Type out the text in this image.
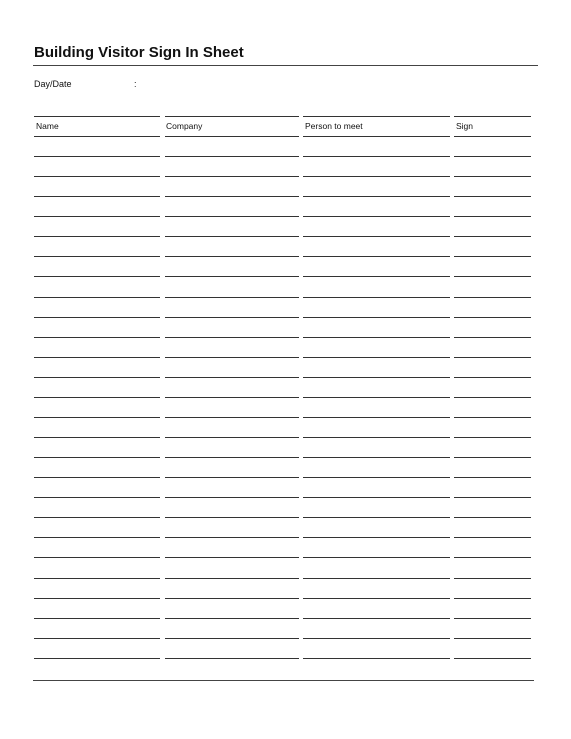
Building Visitor Sign In Sheet
Day/Date	:
Name	Company	Person to meet	Sign
